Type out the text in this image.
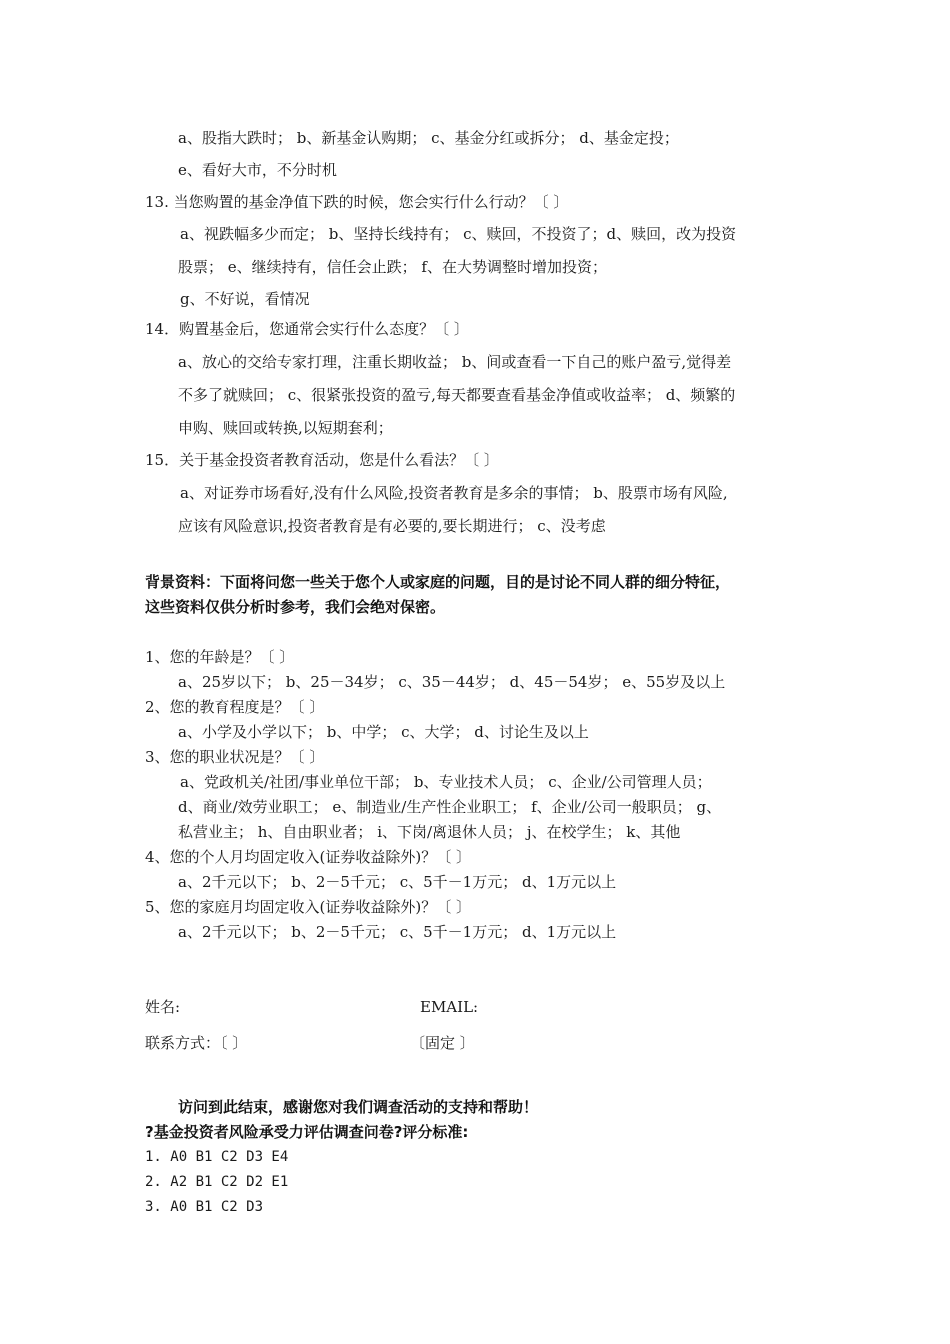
a、股指大跌时； b、新基金认购期； c、基金分红或拆分； d、基金定投；
e、看好大市，不分时机
13. 当您购置的基金净值下跌的时候，您会实行什么行动？〔 〕
a、视跌幅多少而定； b、坚持长线持有； c、赎回，不投资了；d、赎回，改为投资
股票； e、继续持有，信任会止跌； f、在大势调整时增加投资；
g、不好说，看情况
14．购置基金后，您通常会实行什么态度？〔 〕
a、放心的交给专家打理，注重长期收益； b、间或查看一下自己的账户盈亏,觉得差
不多了就赎回； c、很紧张投资的盈亏,每天都要查看基金净值或收益率； d、频繁的
申购、赎回或转换,以短期套利；
15．关于基金投资者教育活动，您是什么看法？〔 〕
a、对证券市场看好,没有什么风险,投资者教育是多余的事情； b、股票市场有风险,
应该有风险意识,投资者教育是有必要的,要长期进行； c、没考虑
背景资料：下面将问您一些关于您个人或家庭的问题，目的是讨论不同人群的细分特征，
这些资料仅供分析时参考，我们会绝对保密。
1、您的年龄是？〔 〕
a、25岁以下； b、25－34岁； c、35－44岁； d、45－54岁； e、55岁及以上
2、您的教育程度是？〔 〕
a、小学及小学以下； b、中学； c、大学； d、讨论生及以上
3、您的职业状况是？〔 〕
a、党政机关/社团/事业单位干部； b、专业技术人员； c、企业/公司管理人员；
d、商业/效劳业职工； e、制造业/生产性企业职工； f、企业/公司一般职员； g、
私营业主； h、自由职业者； i、下岗/离退休人员； j、在校学生； k、其他
4、您的个人月均固定收入(证券收益除外)？〔 〕
a、2千元以下； b、2－5千元； c、5千－1万元； d、1万元以上
5、您的家庭月均固定收入(证券收益除外)？〔 〕
a、2千元以下； b、2－5千元； c、5千－1万元； d、1万元以上
姓名:	EMAIL:
联系方式：〔 〕	〔固定 〕
访问到此结束，感谢您对我们调查活动的支持和帮助！
?基金投资者风险承受力评估调查问卷?评分标准:
1. A0 B1 C2 D3 E4
2. A2 B1 C2 D2 E1
3. A0 B1 C2 D3
